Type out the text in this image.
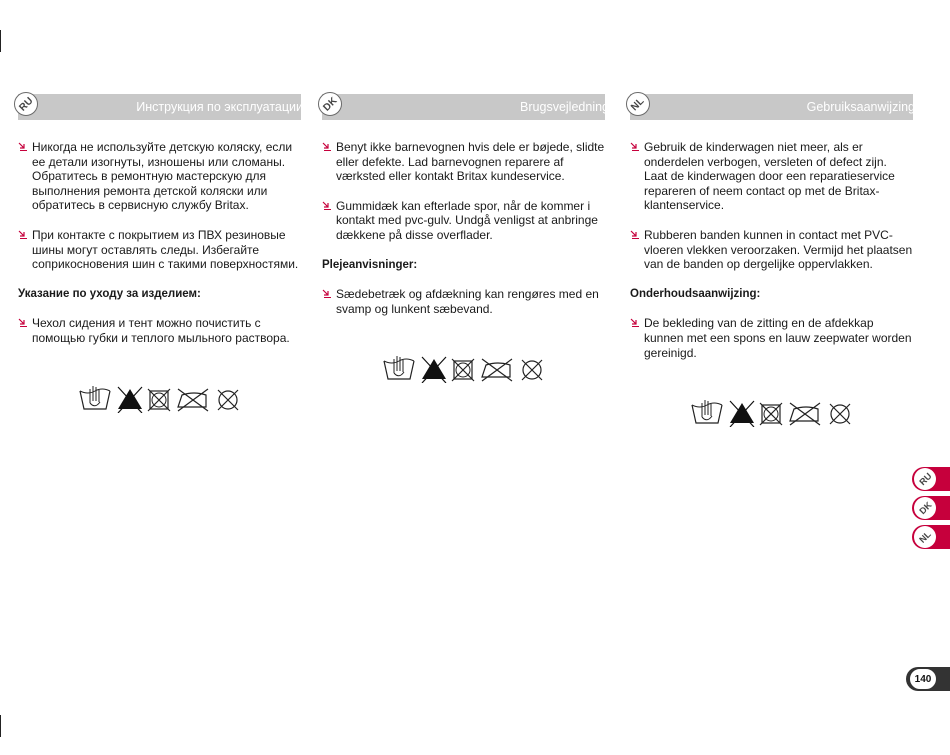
RU	Инструкция по эксплуатации
Никогда не используйте детскую коляску, если ее детали изогнуты, изношены или сломаны. Обратитесь в ремонтную мастерскую для выполнения ремонта детской коляски или обратитесь в сервисную службу Britax.
При контакте с покрытием из ПВХ резиновые шины могут оставлять следы. Избегайте соприкосновения шин с такими поверхностями.
Указание по уходу за изделием:
Чехол сидения и тент можно почистить с помощью губки и теплого мыльного раствора.
DK	Brugsvejledning
Benyt ikke barnevognen hvis dele er bøjede, slidte eller defekte. Lad barnevognen reparere af værksted eller kontakt Britax kundeservice.
Gummidæk kan efterlade spor, når de kommer i kontakt med pvc-gulv. Undgå venligst at anbringe dækkene på disse overflader.
Plejeanvisninger:
Sædebetræk og afdækning kan rengøres med en svamp og lunkent sæbevand.
NL	Gebruiksaanwijzing
Gebruik de kinderwagen niet meer, als er onderdelen verbogen, versleten of defect zijn. Laat de kinderwagen door een reparatieservice repareren of neem contact op met de Britax-klantenservice.
Rubberen banden kunnen in contact met PVC-vloeren vlekken veroorzaken. Vermijd het plaatsen van de banden op dergelijke oppervlakken.
Onderhoudsaanwijzing:
De bekleding van de zitting en de afdekkap kunnen met een spons en lauw zeepwater worden gereinigd.
RU
DK
NL
140
